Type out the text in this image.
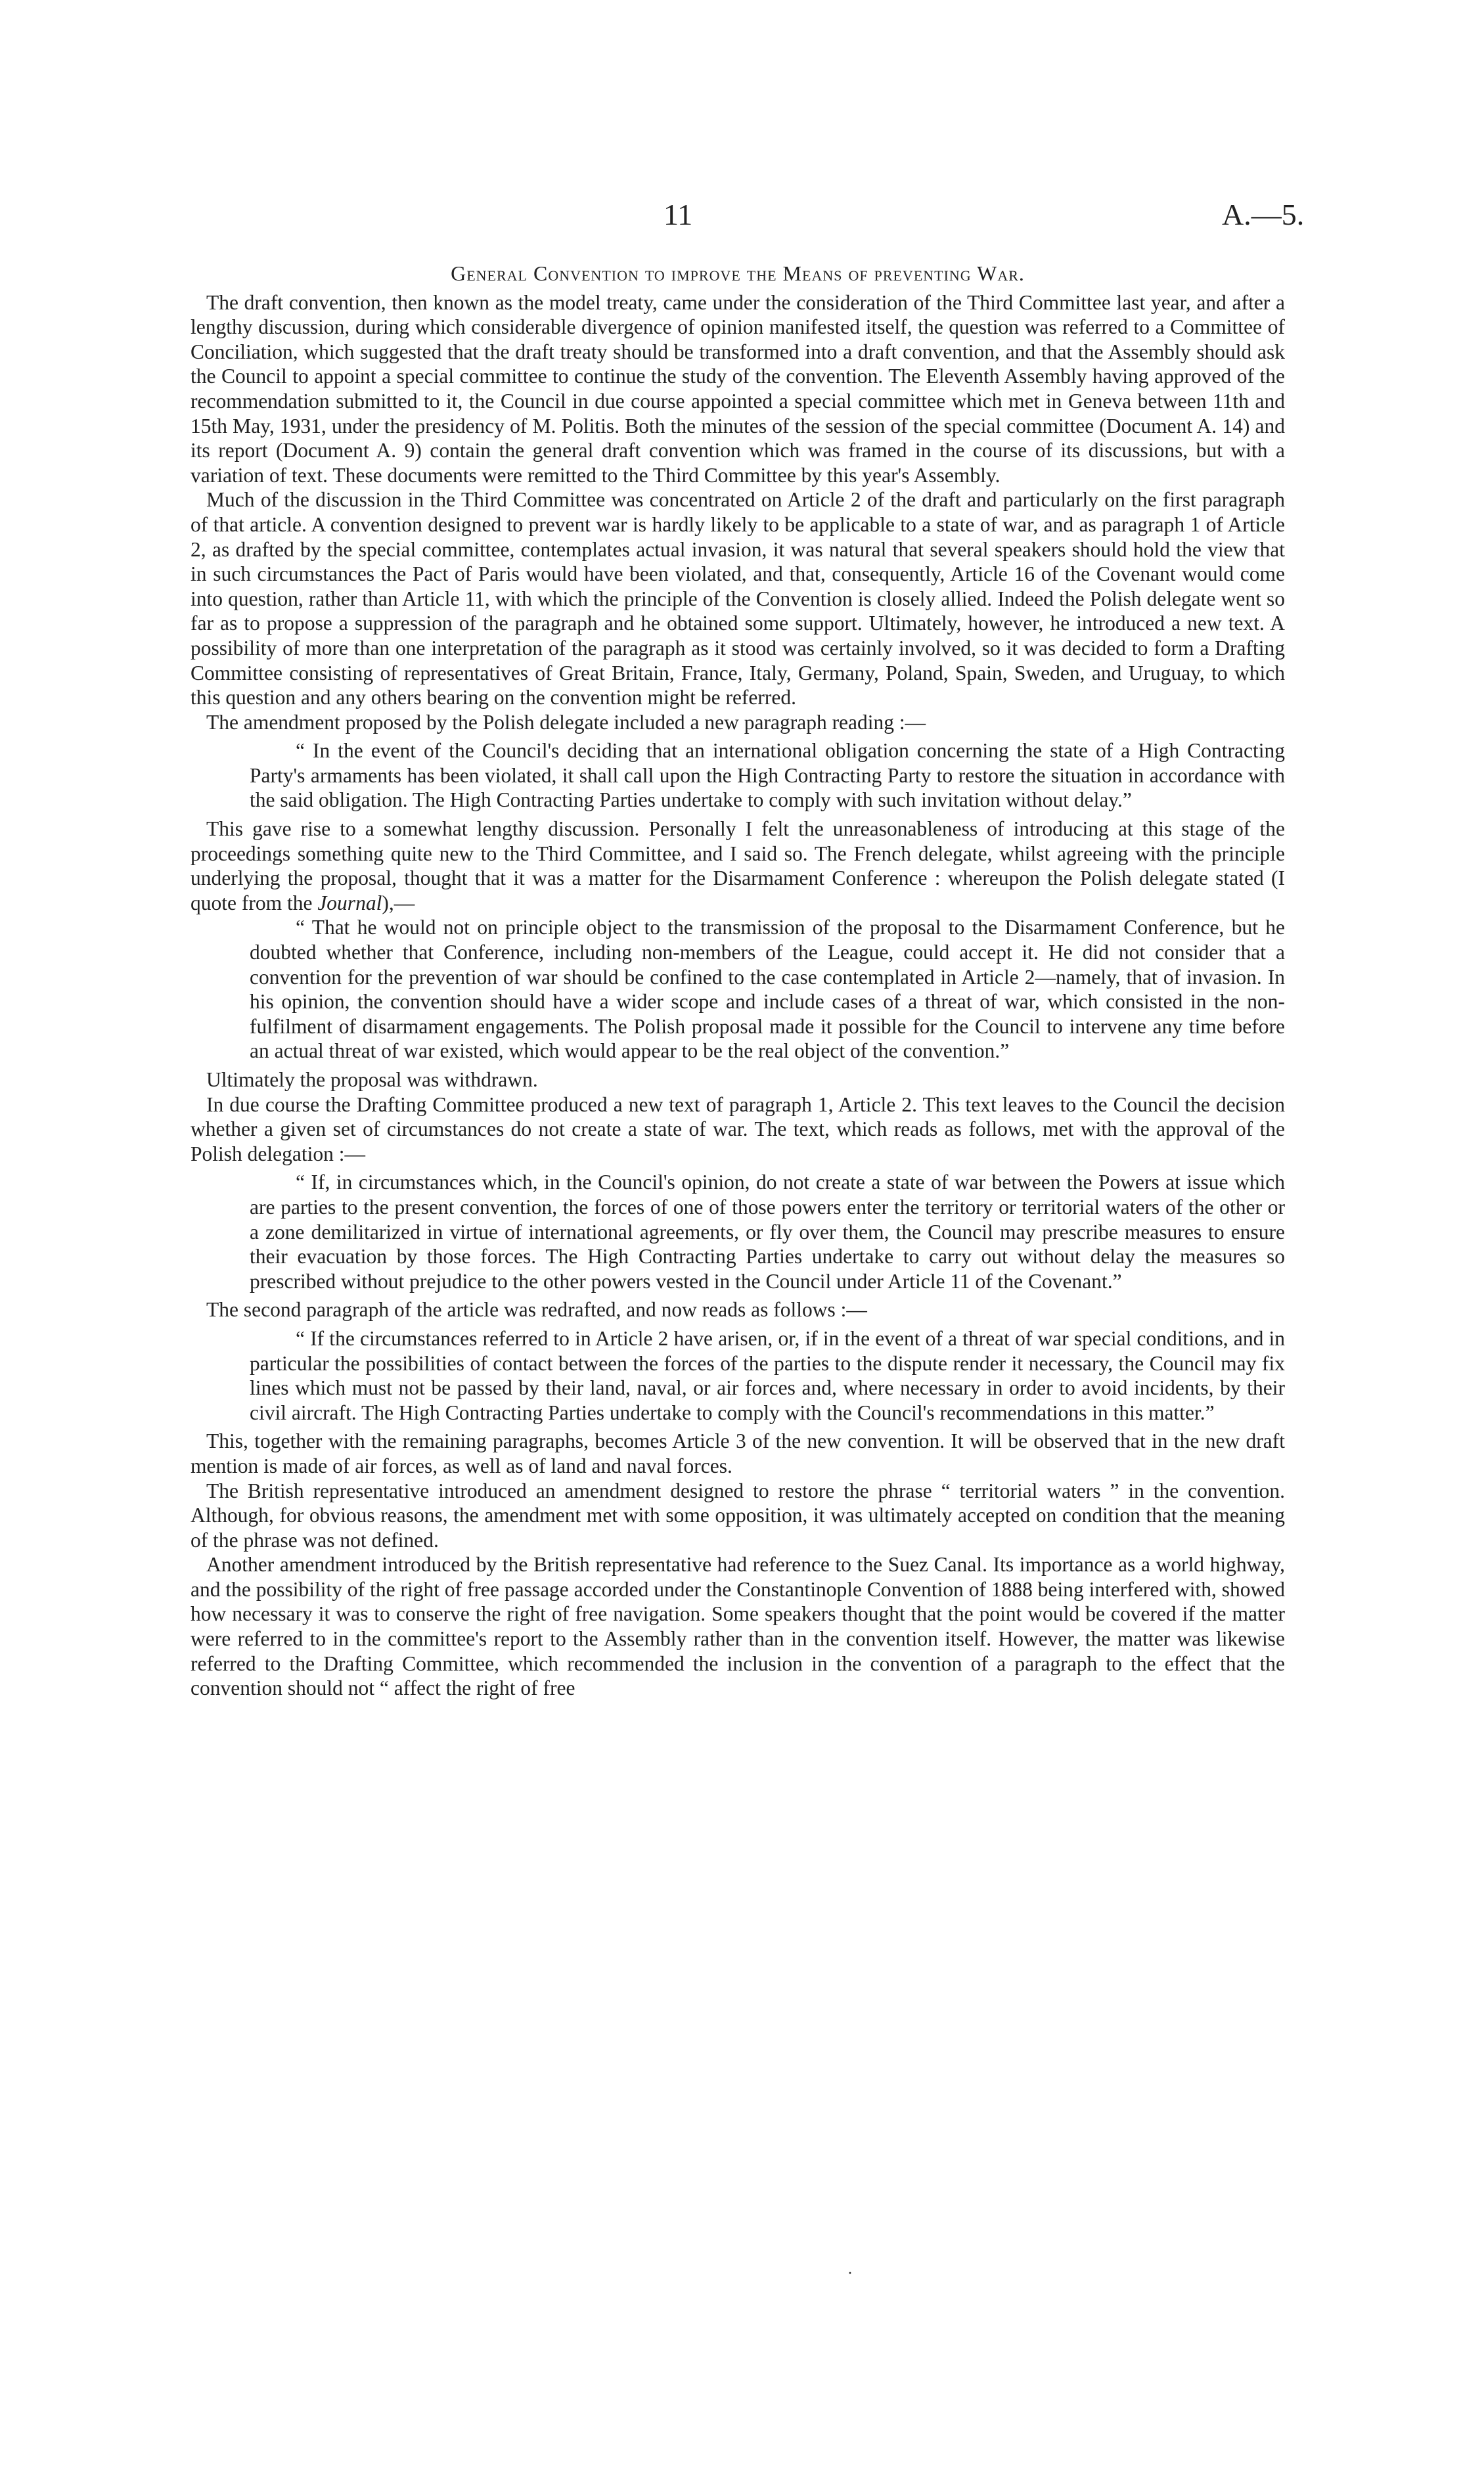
11	A.—5.

General Convention to improve the Means of preventing War.

The draft convention, then known as the model treaty, came under the consideration of the Third Committee last year, and after a lengthy discussion, during which considerable divergence of opinion manifested itself, the question was referred to a Committee of Conciliation, which suggested that the draft treaty should be transformed into a draft convention, and that the Assembly should ask the Council to appoint a special committee to continue the study of the convention. The Eleventh Assembly having approved of the recommendation submitted to it, the Council in due course appointed a special committee which met in Geneva between 11th and 15th May, 1931, under the presidency of M. Politis. Both the minutes of the session of the special committee (Document A. 14) and its report (Document A. 9) contain the general draft convention which was framed in the course of its discussions, but with a variation of text. These documents were remitted to the Third Committee by this year's Assembly.

Much of the discussion in the Third Committee was concentrated on Article 2 of the draft and particularly on the first paragraph of that article. A convention designed to prevent war is hardly likely to be applicable to a state of war, and as paragraph 1 of Article 2, as drafted by the special committee, contemplates actual invasion, it was natural that several speakers should hold the view that in such circumstances the Pact of Paris would have been violated, and that, consequently, Article 16 of the Covenant would come into question, rather than Article 11, with which the principle of the Convention is closely allied. Indeed the Polish delegate went so far as to propose a suppression of the paragraph and he obtained some support. Ultimately, however, he introduced a new text. A possibility of more than one interpretation of the paragraph as it stood was certainly involved, so it was decided to form a Drafting Committee consisting of representatives of Great Britain, France, Italy, Germany, Poland, Spain, Sweden, and Uruguay, to which this question and any others bearing on the convention might be referred.

The amendment proposed by the Polish delegate included a new paragraph reading :—

“ In the event of the Council's deciding that an international obligation concerning the state of a High Contracting Party's armaments has been violated, it shall call upon the High Contracting Party to restore the situation in accordance with the said obligation. The High Contracting Parties undertake to comply with such invitation without delay.”

This gave rise to a somewhat lengthy discussion. Personally I felt the unreasonableness of introducing at this stage of the proceedings something quite new to the Third Committee, and I said so. The French delegate, whilst agreeing with the principle underlying the proposal, thought that it was a matter for the Disarmament Conference : whereupon the Polish delegate stated (I quote from the Journal),—

“ That he would not on principle object to the transmission of the proposal to the Disarmament Conference, but he doubted whether that Conference, including non-members of the League, could accept it. He did not consider that a convention for the prevention of war should be confined to the case contemplated in Article 2—namely, that of invasion. In his opinion, the convention should have a wider scope and include cases of a threat of war, which consisted in the non-fulfilment of disarmament engagements. The Polish proposal made it possible for the Council to intervene any time before an actual threat of war existed, which would appear to be the real object of the convention.”

Ultimately the proposal was withdrawn.

In due course the Drafting Committee produced a new text of paragraph 1, Article 2. This text leaves to the Council the decision whether a given set of circumstances do not create a state of war. The text, which reads as follows, met with the approval of the Polish delegation :—

“ If, in circumstances which, in the Council's opinion, do not create a state of war between the Powers at issue which are parties to the present convention, the forces of one of those powers enter the territory or territorial waters of the other or a zone demilitarized in virtue of international agreements, or fly over them, the Council may prescribe measures to ensure their evacuation by those forces. The High Contracting Parties undertake to carry out without delay the measures so prescribed without prejudice to the other powers vested in the Council under Article 11 of the Covenant.”

The second paragraph of the article was redrafted, and now reads as follows :—

“ If the circumstances referred to in Article 2 have arisen, or, if in the event of a threat of war special conditions, and in particular the possibilities of contact between the forces of the parties to the dispute render it necessary, the Council may fix lines which must not be passed by their land, naval, or air forces and, where necessary in order to avoid incidents, by their civil aircraft. The High Contracting Parties undertake to comply with the Council's recommendations in this matter.”

This, together with the remaining paragraphs, becomes Article 3 of the new convention. It will be observed that in the new draft mention is made of air forces, as well as of land and naval forces.

The British representative introduced an amendment designed to restore the phrase “ territorial waters ” in the convention. Although, for obvious reasons, the amendment met with some opposition, it was ultimately accepted on condition that the meaning of the phrase was not defined.

Another amendment introduced by the British representative had reference to the Suez Canal. Its importance as a world highway, and the possibility of the right of free passage accorded under the Constantinople Convention of 1888 being interfered with, showed how necessary it was to conserve the right of free navigation. Some speakers thought that the point would be covered if the matter were referred to in the committee's report to the Assembly rather than in the convention itself. However, the matter was likewise referred to the Drafting Committee, which recommended the inclusion in the convention of a paragraph to the effect that the convention should not “ affect the right of free

·
